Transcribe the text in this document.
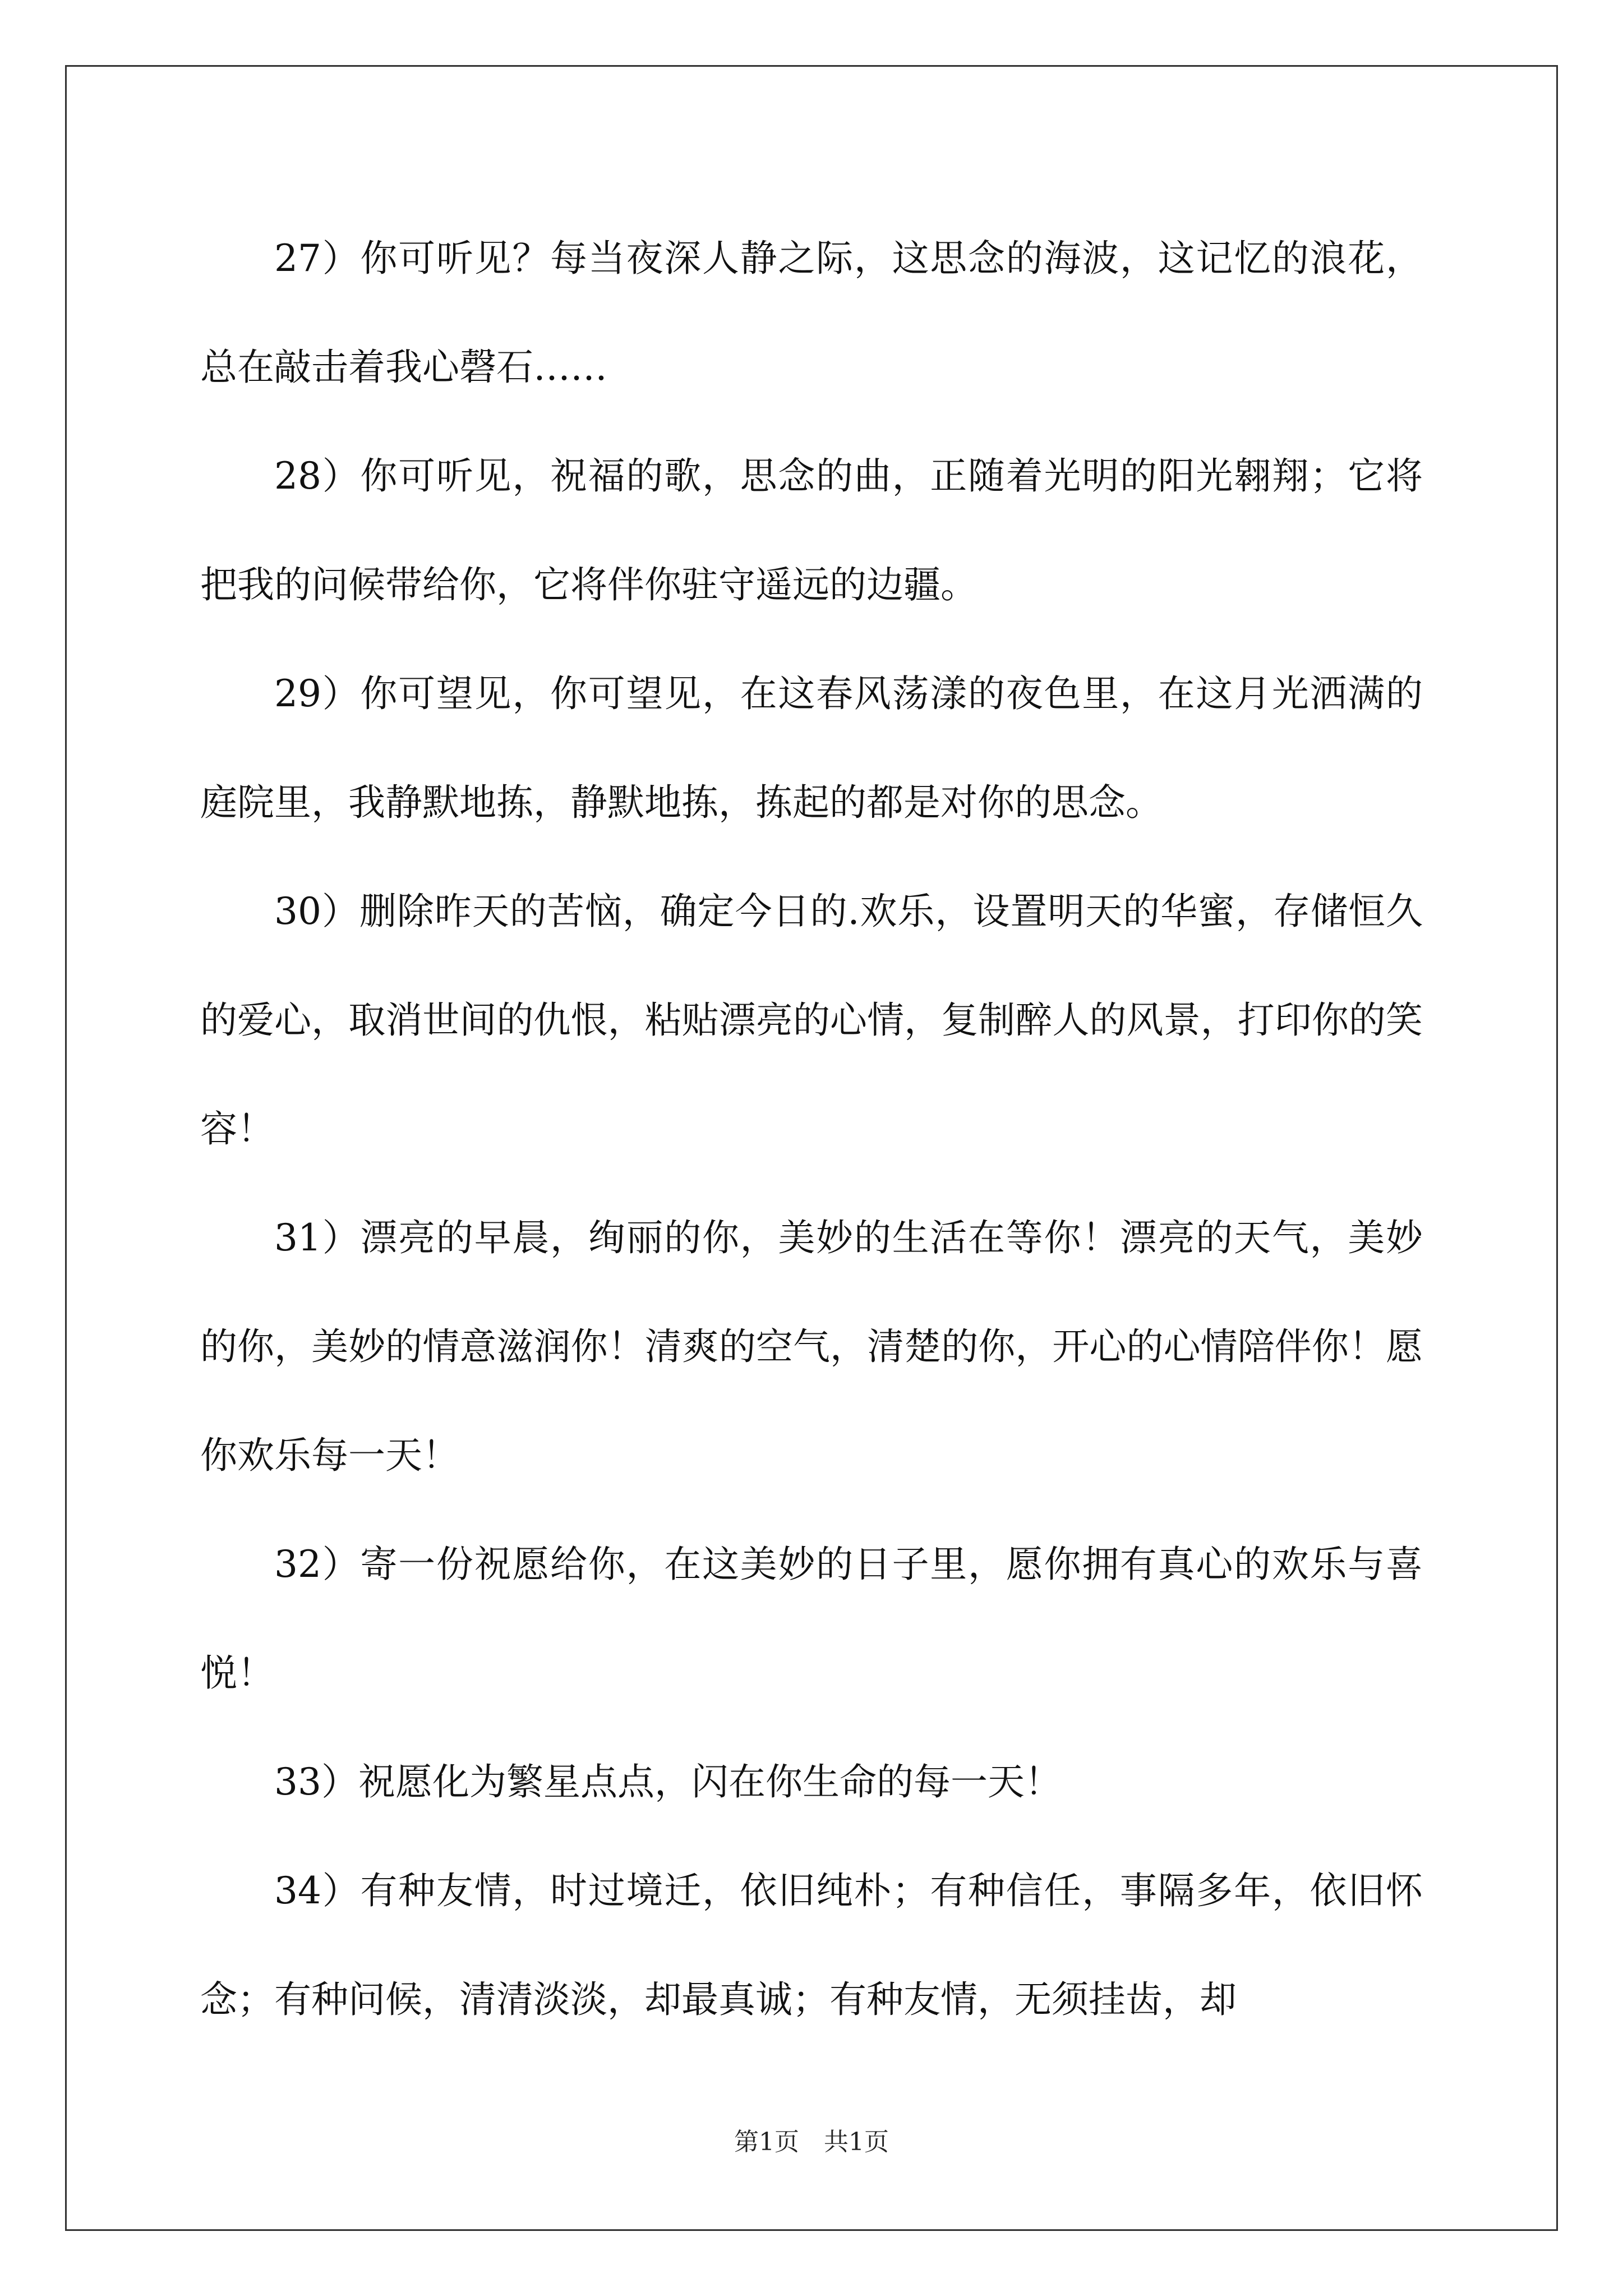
27）你可听见？每当夜深人静之际，这思念的海波，这记忆的浪花，总在敲击着我心磬石……

28）你可听见，祝福的歌，思念的曲，正随着光明的阳光翱翔；它将把我的问候带给你，它将伴你驻守遥远的边疆。

29）你可望见，你可望见，在这春风荡漾的夜色里，在这月光洒满的庭院里，我静默地拣，静默地拣，拣起的都是对你的思念。

30）删除昨天的苦恼，确定今日的.欢乐，设置明天的华蜜，存储恒久的爱心，取消世间的仇恨，粘贴漂亮的心情，复制醉人的风景，打印你的笑容！

31）漂亮的早晨，绚丽的你，美妙的生活在等你！漂亮的天气，美妙的你，美妙的情意滋润你！清爽的空气，清楚的你，开心的心情陪伴你！愿你欢乐每一天！

32）寄一份祝愿给你，在这美妙的日子里，愿你拥有真心的欢乐与喜悦！

33）祝愿化为繁星点点，闪在你生命的每一天！

34）有种友情，时过境迁，依旧纯朴；有种信任，事隔多年，依旧怀念；有种问候，清清淡淡，却最真诚；有种友情，无须挂齿，却

第1页　共1页
